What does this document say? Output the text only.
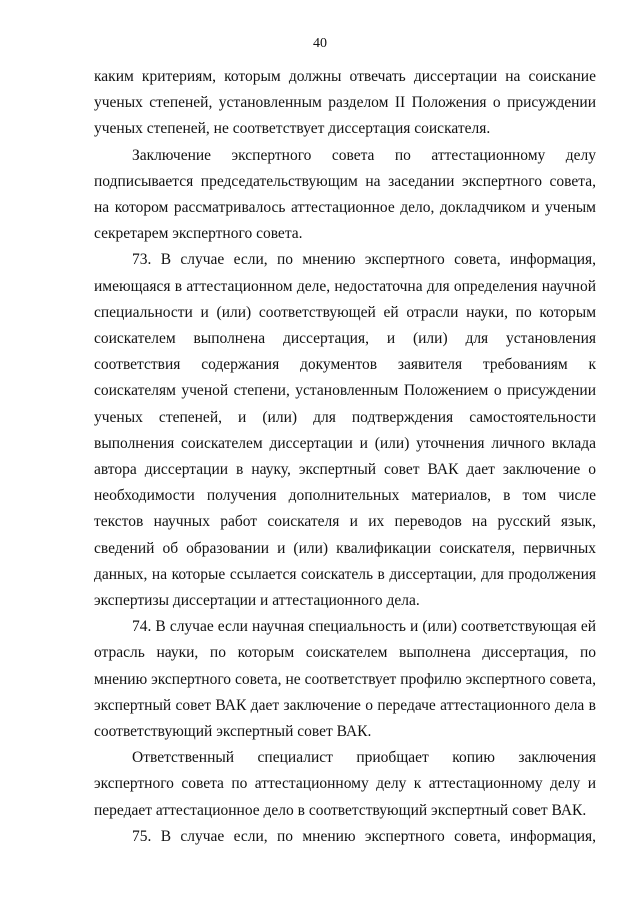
40

каким критериям, которым должны отвечать диссертации на соискание ученых степеней, установленным разделом II Положения о присуждении ученых степеней, не соответствует диссертация соискателя.

Заключение экспертного совета по аттестационному делу подписывается председательствующим на заседании экспертного совета, на котором рассматривалось аттестационное дело, докладчиком и ученым секретарем экспертного совета.

73. В случае если, по мнению экспертного совета, информация, имеющаяся в аттестационном деле, недостаточна для определения научной специальности и (или) соответствующей ей отрасли науки, по которым соискателем выполнена диссертация, и (или) для установления соответствия содержания документов заявителя требованиям к соискателям ученой степени, установленным Положением о присуждении ученых степеней, и (или) для подтверждения самостоятельности выполнения соискателем диссертации и (или) уточнения личного вклада автора диссертации в науку, экспертный совет ВАК дает заключение о необходимости получения дополнительных материалов, в том числе текстов научных работ соискателя и их переводов на русский язык, сведений об образовании и (или) квалификации соискателя, первичных данных, на которые ссылается соискатель в диссертации, для продолжения экспертизы диссертации и аттестационного дела.

74. В случае если научная специальность и (или) соответствующая ей отрасль науки, по которым соискателем выполнена диссертация, по мнению экспертного совета, не соответствует профилю экспертного совета, экспертный совет ВАК дает заключение о передаче аттестационного дела в соответствующий экспертный совет ВАК.

Ответственный специалист приобщает копию заключения экспертного совета по аттестационному делу к аттестационному делу и передает аттестационное дело в соответствующий экспертный совет ВАК.

75. В случае если, по мнению экспертного совета, информация,
